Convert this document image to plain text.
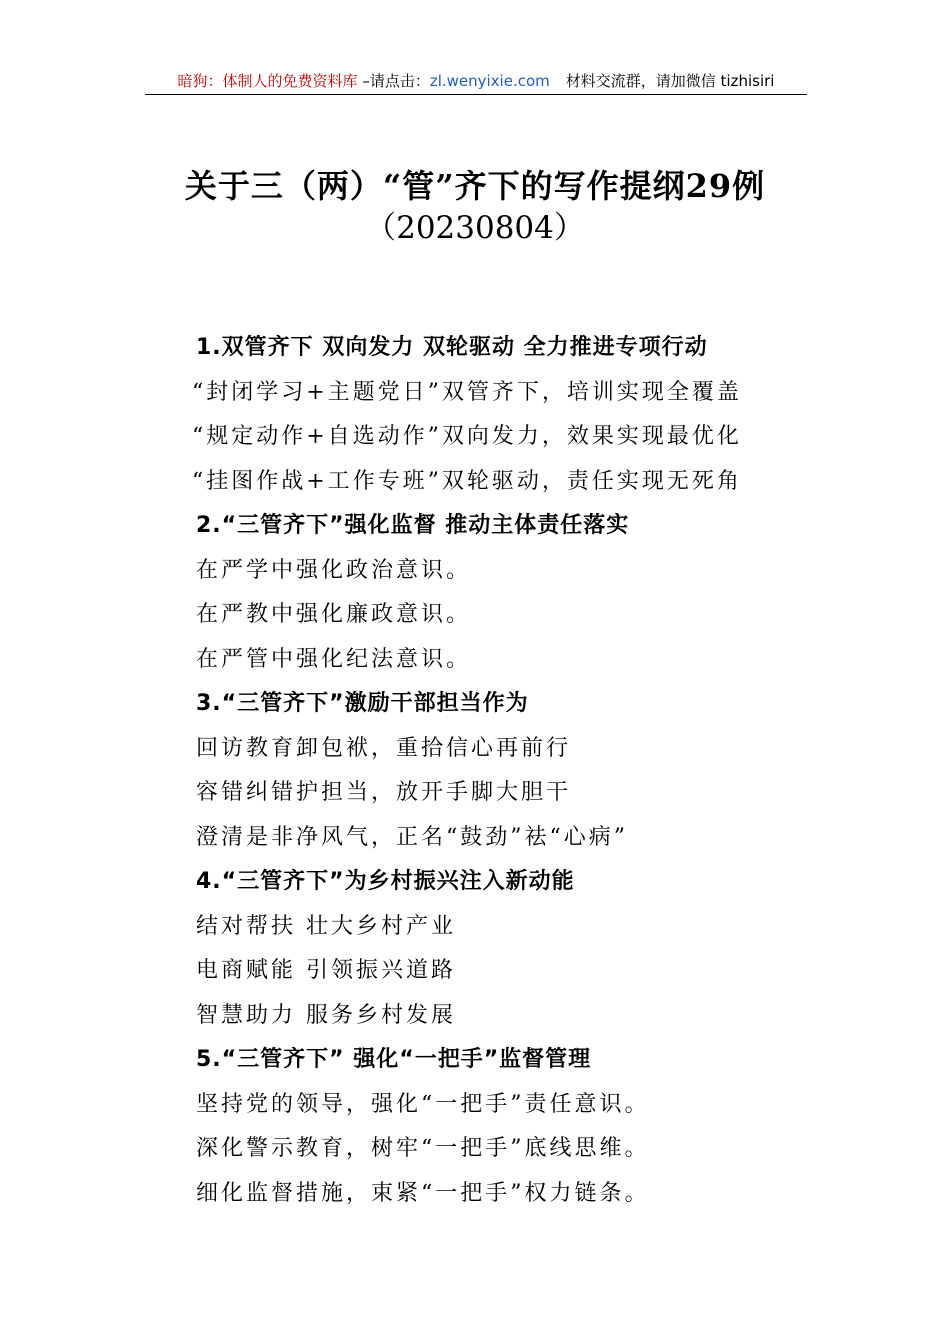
暗狗：体制人的免费资料库 –请点击：zl.wenyixie.com 材料交流群，请加微信 tizhisiri
关于三（两）“管”齐下的写作提纲29例
（20230804）
1.双管齐下 双向发力 双轮驱动 全力推进专项行动
“封闭学习+主题党日”双管齐下，培训实现全覆盖
“规定动作+自选动作”双向发力，效果实现最优化
“挂图作战+工作专班”双轮驱动，责任实现无死角
2.“三管齐下”强化监督 推动主体责任落实
在严学中强化政治意识。
在严教中强化廉政意识。
在严管中强化纪法意识。
3.“三管齐下”激励干部担当作为
回访教育卸包袱，重拾信心再前行
容错纠错护担当，放开手脚大胆干
澄清是非净风气，正名“鼓劲”祛“心病”
4.“三管齐下”为乡村振兴注入新动能
结对帮扶 壮大乡村产业
电商赋能 引领振兴道路
智慧助力 服务乡村发展
5.“三管齐下” 强化“一把手”监督管理
坚持党的领导，强化“一把手”责任意识。
深化警示教育，树牢“一把手”底线思维。
细化监督措施，束紧“一把手”权力链条。
